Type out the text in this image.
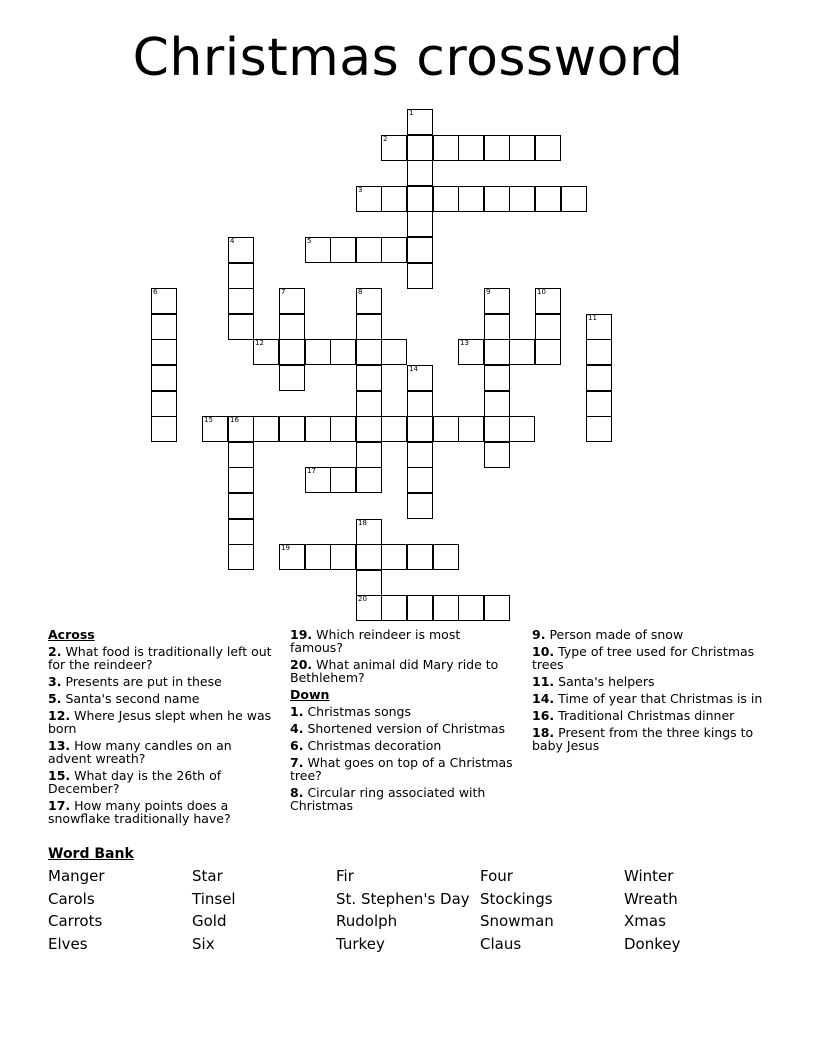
Christmas crossword
1
2
3
4	5
6	7	8	9	10
11
12	13
14
15 16
17
18
20
19
Across
2. What food is traditionally left out for the reindeer?
3. Presents are put in these
5. Santa's second name
12. Where Jesus slept when he was born
13. How many candles on an advent wreath?
15. What day is the 26th of December?
17. How many points does a snowflake traditionally have?
19. Which reindeer is most famous?
20. What animal did Mary ride to Bethlehem?
Down
1. Christmas songs
4. Shortened version of Christmas
6. Christmas decoration
7. What goes on top of a Christmas tree?
8. Circular ring associated with Christmas
9. Person made of snow
10. Type of tree used for Christmas trees
11. Santa's helpers
14. Time of year that Christmas is in
16. Traditional Christmas dinner
18. Present from the three kings to baby Jesus
Word Bank
Manger
Carols
Carrots
Elves
Star
Tinsel
Gold
Six
Fir
St. Stephen's Day
Rudolph
Turkey
Four
Stockings
Snowman
Claus
Winter
Wreath
Xmas
Donkey
